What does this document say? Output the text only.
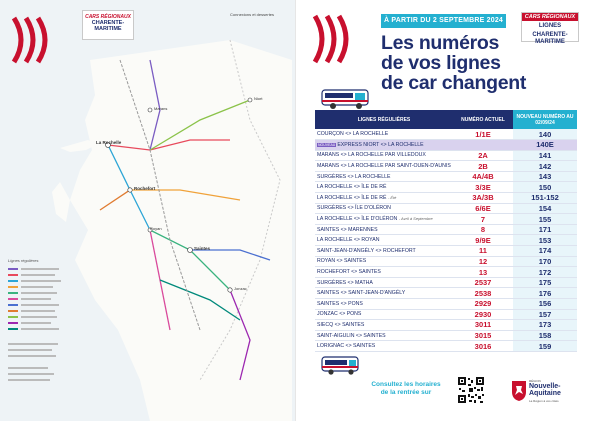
CARS RÉGIONAUX
CHARENTE-
MARITIME
Connexions et dessertes
La Rochelle
Rochefort
Saintes
Royan
Jonzac
Niort
Marans
Lignes régulières
À PARTIR DU 2 SEPTEMBRE 2024	CARS RÉGIONAUX
LIGNES
CHARENTE-MARITIME
Les numéros
de vos lignes
de car changent
LIGNES RÉGULIÈRES	NUMÉRO ACTUEL	NOUVEAU NUMÉRO AU 02/09/24
COURÇON <> LA ROCHELLE	1/1E	140
NOUVEAU EXPRESS NIORT <> LA ROCHELLE		140E
MARANS <> LA ROCHELLE PAR VILLEDOUX	2A	141
MARANS <> LA ROCHELLE PAR SAINT-OUEN-D'AUNIS	2B	142
SURGÈRES <> LA ROCHELLE	4A/4B	143
LA ROCHELLE <> ÎLE DE RÉ	3/3E	150
LA ROCHELLE <> ÎLE DE RÉ - Été	3A/3B	151-152
SURGÈRES <> ÎLE D'OLÉRON	6/6E	154
LA ROCHELLE <> ÎLE D'OLÉRON - Avril à Septembre	7	155
SAINTES <> MARENNES	8	171
LA ROCHELLE <> ROYAN	9/9E	153
SAINT-JEAN-D'ANGÉLY <> ROCHEFORT	11	174
ROYAN <> SAINTES	12	170
ROCHEFORT <> SAINTES	13	172
SURGÈRES <> MATHA	2537	175
SAINTES <> SAINT-JEAN-D'ANGÉLY	2538	176
SAINTES <> PONS	2929	156
JONZAC <> PONS	2930	157
SIECQ <> SAINTES	3011	173
SAINT-AIGULIN <> SAINTES	3015	158
LORIGNAC <> SAINTES	3016	159
Consultez les horaires
de la rentrée sur
RÉGION
Nouvelle-
Aquitaine
La Région à vos côtés
